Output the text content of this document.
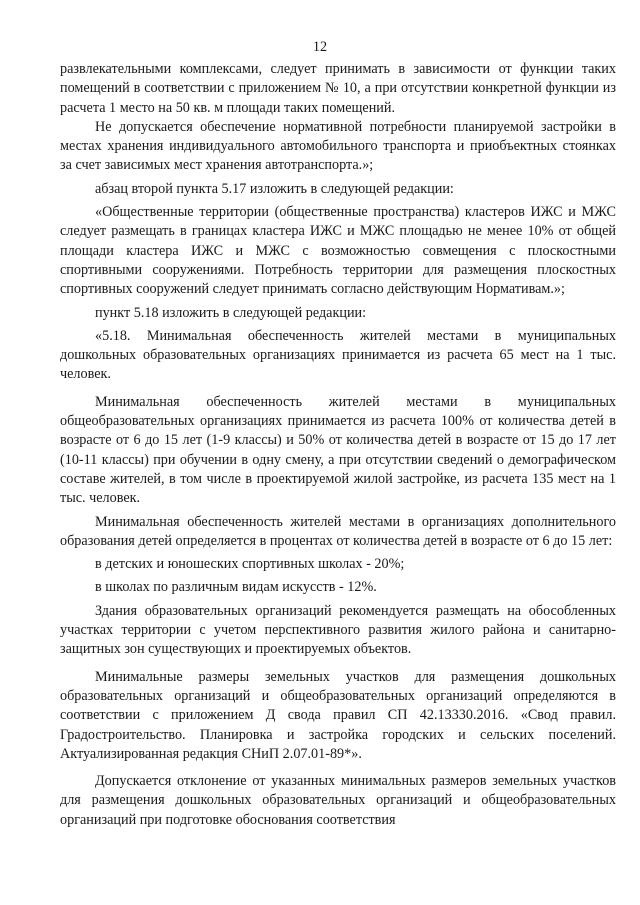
12

развлекательными комплексами, следует принимать в зависимости от функции таких помещений в соответствии с приложением № 10, а при отсутствии конкретной функции из расчета 1 место на 50 кв. м площади таких помещений.

Не допускается обеспечение нормативной потребности планируемой застройки в местах хранения индивидуального автомобильного транспорта и приобъектных стоянках за счет зависимых мест хранения автотранспорта.»;

абзац второй пункта 5.17 изложить в следующей редакции:

«Общественные территории (общественные пространства) кластеров ИЖС и МЖС следует размещать в границах кластера ИЖС и МЖС площадью не менее 10% от общей площади кластера ИЖС и МЖС с возможностью совмещения с плоскостными спортивными сооружениями. Потребность территории для размещения плоскостных спортивных сооружений следует принимать согласно действующим Нормативам.»;

пункт 5.18 изложить в следующей редакции:

«5.18. Минимальная обеспеченность жителей местами в муниципальных дошкольных образовательных организациях принимается из расчета 65 мест на 1 тыс. человек.

Минимальная обеспеченность жителей местами в муниципальных общеобразовательных организациях принимается из расчета 100% от количества детей в возрасте от 6 до 15 лет (1-9 классы) и 50% от количества детей в возрасте от 15 до 17 лет (10-11 классы) при обучении в одну смену, а при отсутствии сведений о демографическом составе жителей, в том числе в проектируемой жилой застройке, из расчета 135 мест на 1 тыс. человек.

Минимальная обеспеченность жителей местами в организациях дополнительного образования детей определяется в процентах от количества детей в возрасте от 6 до 15 лет:

в детских и юношеских спортивных школах - 20%;

в школах по различным видам искусств - 12%.

Здания образовательных организаций рекомендуется размещать на обособленных участках территории с учетом перспективного развития жилого района и санитарно-защитных зон существующих и проектируемых объектов.

Минимальные размеры земельных участков для размещения дошкольных образовательных организаций и общеобразовательных организаций определяются в соответствии с приложением Д свода правил СП 42.13330.2016. «Свод правил. Градостроительство. Планировка и застройка городских и сельских поселений. Актуализированная редакция СНиП 2.07.01-89*».

Допускается отклонение от указанных минимальных размеров земельных участков для размещения дошкольных образовательных организаций и общеобразовательных организаций при подготовке обоснования соответствия
